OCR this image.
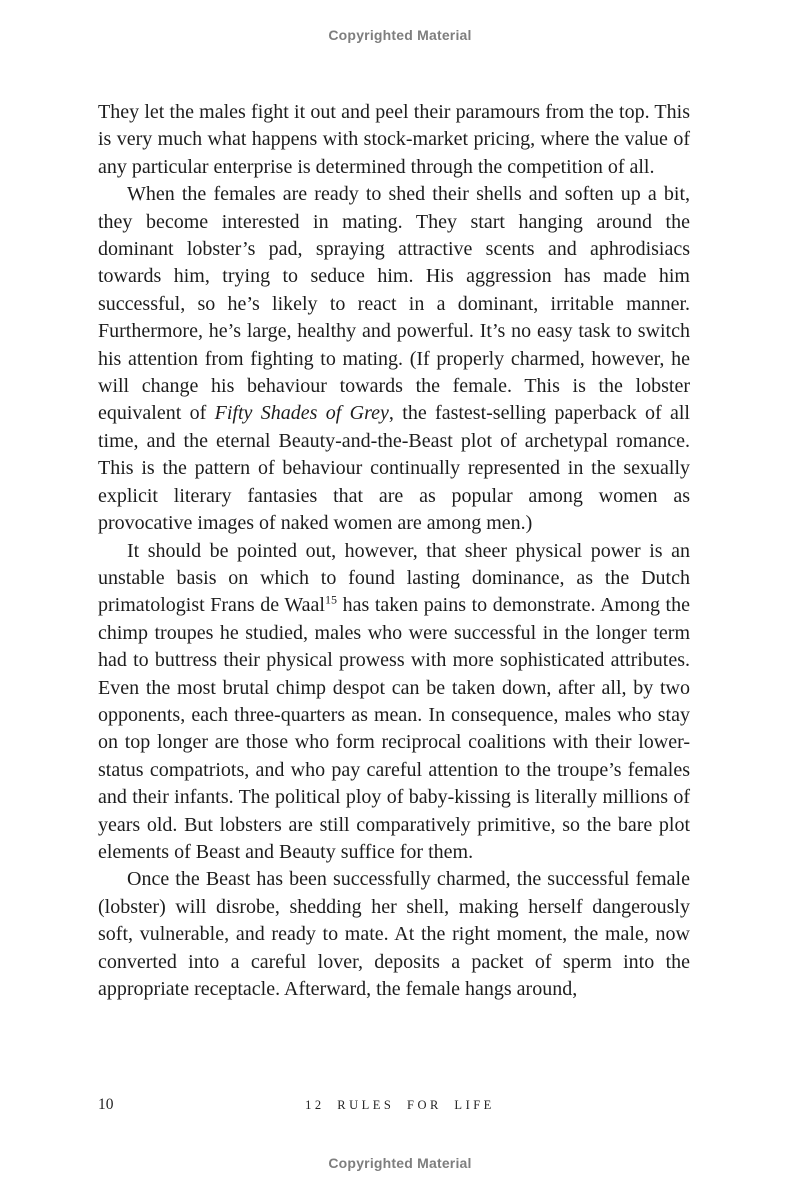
Copyrighted Material

They let the males fight it out and peel their paramours from the top. This is very much what happens with stock-market pricing, where the value of any particular enterprise is determined through the competition of all.

When the females are ready to shed their shells and soften up a bit, they become interested in mating. They start hanging around the dominant lobster’s pad, spraying attractive scents and aphrodisiacs towards him, trying to seduce him. His aggression has made him successful, so he’s likely to react in a dominant, irritable manner. Furthermore, he’s large, healthy and powerful. It’s no easy task to switch his attention from fighting to mating. (If properly charmed, however, he will change his behaviour towards the female. This is the lobster equivalent of Fifty Shades of Grey, the fastest-selling paperback of all time, and the eternal Beauty-and-the-Beast plot of archetypal romance. This is the pattern of behaviour continually represented in the sexually explicit literary fantasies that are as popular among women as provocative images of naked women are among men.)

It should be pointed out, however, that sheer physical power is an unstable basis on which to found lasting dominance, as the Dutch primatologist Frans de Waal$^{15}$ has taken pains to demonstrate. Among the chimp troupes he studied, males who were successful in the longer term had to buttress their physical prowess with more sophisticated attributes. Even the most brutal chimp despot can be taken down, after all, by two opponents, each three-quarters as mean. In consequence, males who stay on top longer are those who form reciprocal coalitions with their lower-status compatriots, and who pay careful attention to the troupe’s females and their infants. The political ploy of baby-kissing is literally millions of years old. But lobsters are still comparatively primitive, so the bare plot elements of Beast and Beauty suffice for them.

Once the Beast has been successfully charmed, the successful female (lobster) will disrobe, shedding her shell, making herself dangerously soft, vulnerable, and ready to mate. At the right moment, the male, now converted into a careful lover, deposits a packet of sperm into the appropriate receptacle. Afterward, the female hangs around,

10	12 RULES FOR LIFE
Copyrighted Material
